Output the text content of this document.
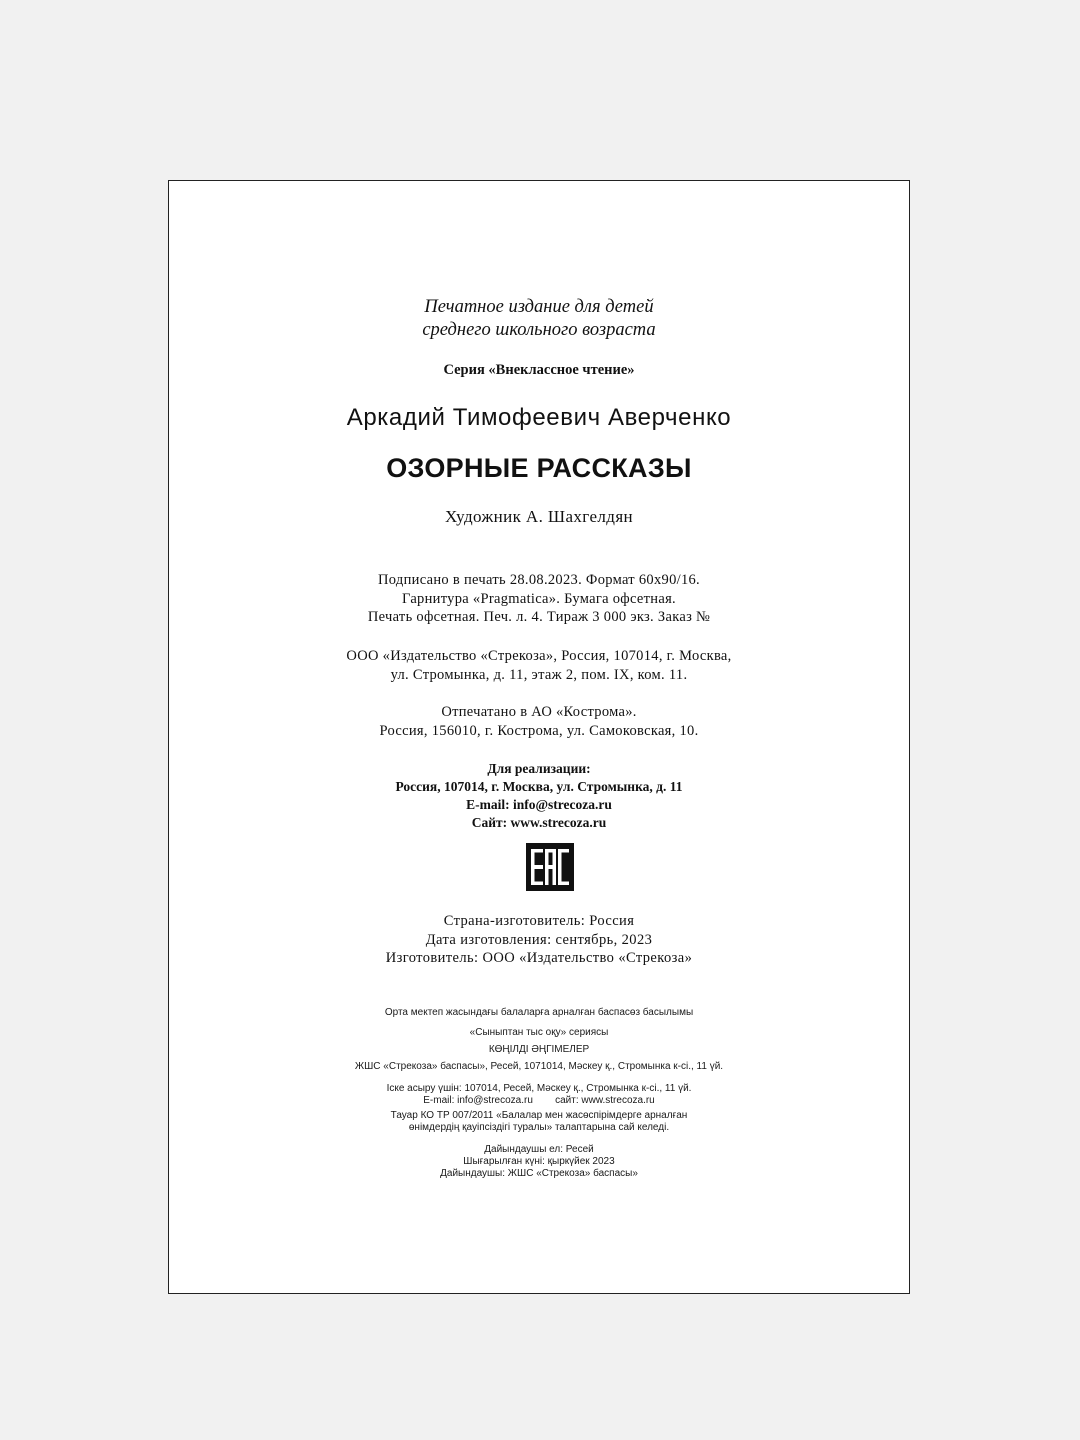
Печатное издание для детей
среднего школьного возраста
Серия «Внеклассное чтение»
Аркадий Тимофеевич Аверченко
ОЗОРНЫЕ РАССКАЗЫ
Художник А. Шахгелдян
Подписано в печать 28.08.2023. Формат 60x90/16.
Гарнитура «Pragmatica». Бумага офсетная.
Печать офсетная. Печ. л. 4. Тираж 3 000 экз. Заказ №
ООО «Издательство «Стрекоза», Россия, 107014, г. Москва,
ул. Стромынка, д. 11, этаж 2, пом. IX, ком. 11.
Отпечатано в АО «Кострома».
Россия, 156010, г. Кострома, ул. Самоковская, 10.
Для реализации:
Россия, 107014, г. Москва, ул. Стромынка, д. 11
E-mail: info@strecoza.ru
Сайт: www.strecoza.ru
Страна-изготовитель: Россия
Дата изготовления: сентябрь, 2023
Изготовитель: ООО «Издательство «Стрекоза»
Орта мектеп жасындағы балаларға арналған баспасөз басылымы
«Сыныптан тыс оқу» сериясы
КӨҢІЛДІ ӘҢГІМЕЛЕР
ЖШС «Стрекоза» баспасы», Ресей, 1071014, Мәскеу қ., Стромынка к-сі., 11 үй.
Іске асыру үшін: 107014, Ресей, Мәскеу қ., Стромынка к-сі., 11 үй.
E-mail: info@strecoza.ru        сайт: www.strecoza.ru
Тауар КО ТР 007/2011 «Балалар мен жасөспірімдерге арналған
өнімдердің қауіпсіздігі туралы» талаптарына сай келеді.
Дайындаушы ел: Ресей
Шығарылған күні: қыркүйек 2023
Дайындаушы: ЖШС «Стрекоза» баспасы»
